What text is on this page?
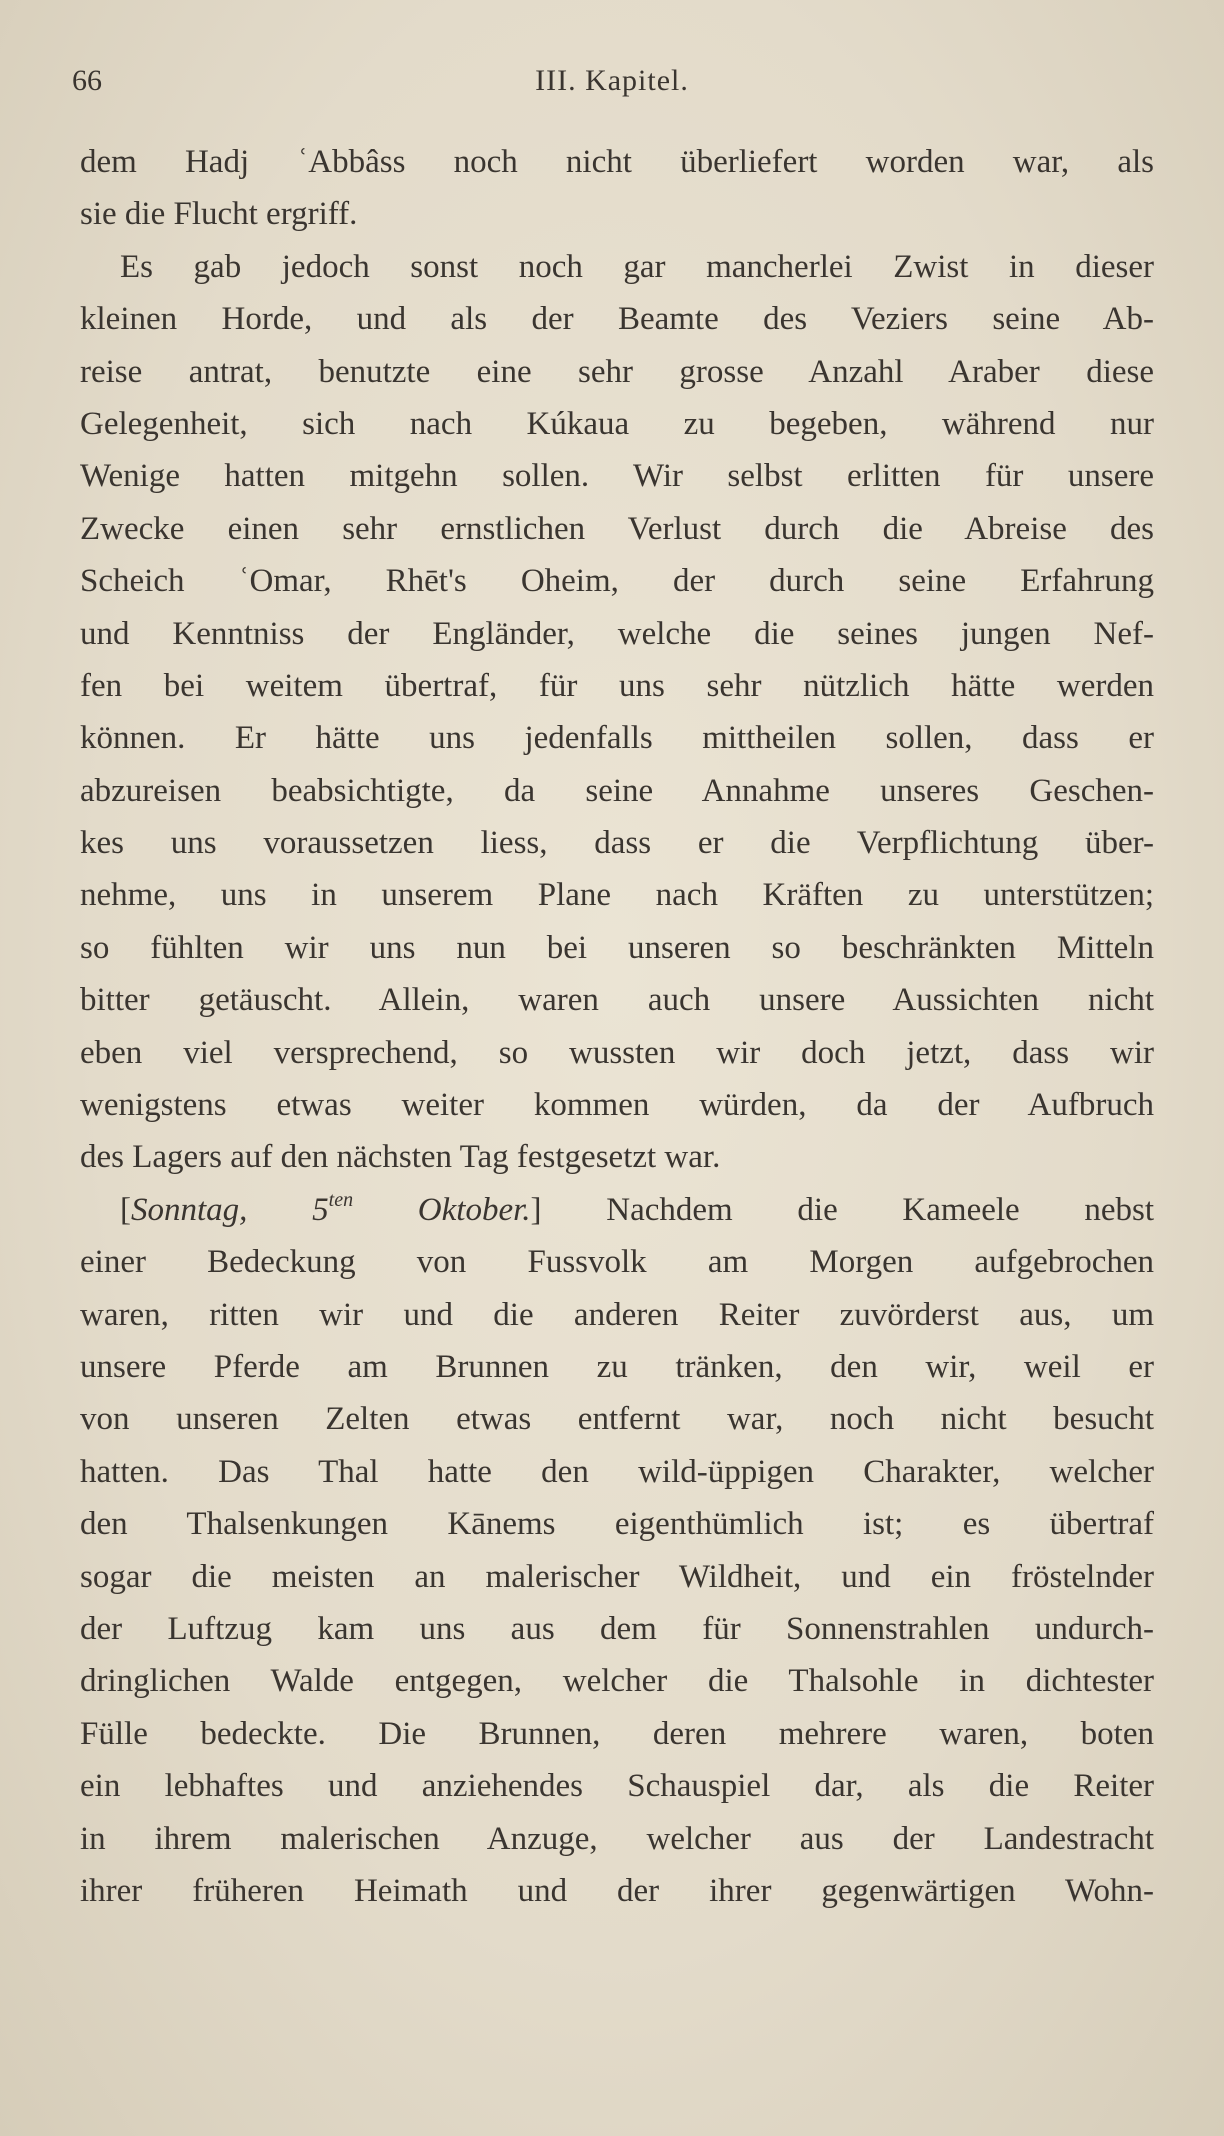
66	III. Kapitel.
dem Hadj ʿAbbâss noch nicht überliefert worden war, als
sie die Flucht ergriff.
Es gab jedoch sonst noch gar mancherlei Zwist in dieser
kleinen Horde, und als der Beamte des Veziers seine Ab-
reise antrat, benutzte eine sehr grosse Anzahl Araber diese
Gelegenheit, sich nach Kúkaua zu begeben, während nur
Wenige hatten mitgehn sollen. Wir selbst erlitten für unsere
Zwecke einen sehr ernstlichen Verlust durch die Abreise des
Scheich ʿOmar, Rhēt's Oheim, der durch seine Erfahrung
und Kenntniss der Engländer, welche die seines jungen Nef-
fen bei weitem übertraf, für uns sehr nützlich hätte werden
können. Er hätte uns jedenfalls mittheilen sollen, dass er
abzureisen beabsichtigte, da seine Annahme unseres Geschen-
kes uns voraussetzen liess, dass er die Verpflichtung über-
nehme, uns in unserem Plane nach Kräften zu unterstützen;
so fühlten wir uns nun bei unseren so beschränkten Mitteln
bitter getäuscht. Allein, waren auch unsere Aussichten nicht
eben viel versprechend, so wussten wir doch jetzt, dass wir
wenigstens etwas weiter kommen würden, da der Aufbruch
des Lagers auf den nächsten Tag festgesetzt war.
[Sonntag, $5^{ten}$ Oktober.] Nachdem die Kameele nebst
einer Bedeckung von Fussvolk am Morgen aufgebrochen
waren, ritten wir und die anderen Reiter zuvörderst aus, um
unsere Pferde am Brunnen zu tränken, den wir, weil er
von unseren Zelten etwas entfernt war, noch nicht besucht
hatten. Das Thal hatte den wild-üppigen Charakter, welcher
den Thalsenkungen Kānems eigenthümlich ist; es übertraf
sogar die meisten an malerischer Wildheit, und ein fröstelnder
der Luftzug kam uns aus dem für Sonnenstrahlen undurch-
dringlichen Walde entgegen, welcher die Thalsohle in dichtester
Fülle bedeckte. Die Brunnen, deren mehrere waren, boten
ein lebhaftes und anziehendes Schauspiel dar, als die Reiter
in ihrem malerischen Anzuge, welcher aus der Landestracht
ihrer früheren Heimath und der ihrer gegenwärtigen Wohn-
